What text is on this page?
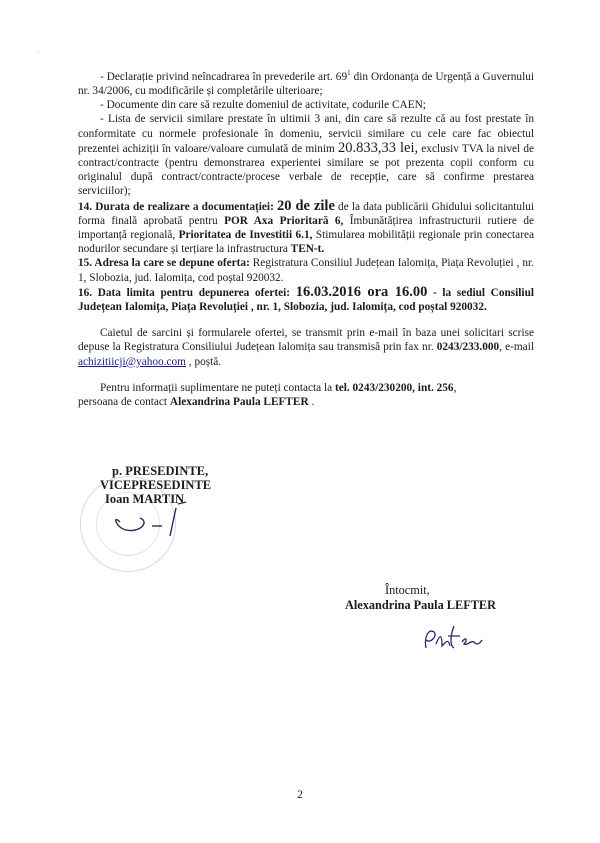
.

- Declarație privind neîncadrarea în prevederile art. $69^1$ din Ordonanța de Urgență a Guvernului nr. 34/2006, cu modificările și completările ulterioare;

- Documente din care să rezulte domeniul de activitate, codurile CAEN;

- Lista de servicii similare prestate în ultimii 3 ani, din care să rezulte că au fost prestate în conformitate cu normele profesionale în domeniu, servicii similare cu cele care fac obiectul prezentei achiziții în valoare/valoare cumulată de minim 20.833,33 lei, exclusiv TVA la nivel de contract/contracte (pentru demonstrarea experientei similare se pot prezenta copii conform cu originalul după contract/contracte/procese verbale de recepție, care să confirme prestarea serviciilor);

14. Durata de realizare a documentației: 20 de zile de la data publicării Ghidului solicitantului forma finală aprobată pentru POR Axa Prioritară 6, Îmbunătățirea infrastructurii rutiere de importanță regională, Prioritatea de Investitii 6.1, Stimularea mobilității regionale prin conectarea nodurilor secundare și terțiare la infrastructura TEN-t.

15. Adresa la care se depune oferta: Registratura Consiliul Județean Ialomița, Piața Revoluției , nr. 1, Slobozia, jud. Ialomița, cod poștal 920032.

16. Data limita pentru depunerea ofertei: 16.03.2016 ora 16.00 - la sediul Consiliul Județean Ialomița, Piața Revoluției , nr. 1, Slobozia, jud. Ialomița, cod poștal 920032.

Caietul de sarcini și formularele ofertei, se transmit prin e-mail în baza unei solicitari scrise depuse la Registratura Consiliului Județean Ialomița sau transmisă prin fax nr. 0243/233.000, e-mail achizitiicji@yahoo.com , poștă.

Pentru informații suplimentare ne puteți contacta la tel. 0243/230200, int. 256,

persoana de contact Alexandrina Paula LEFTER .

p. PRESEDINTE,
VICEPRESEDINTE
Ioan MARTIN
Întocmit,
Alexandrina Paula LEFTER
2
